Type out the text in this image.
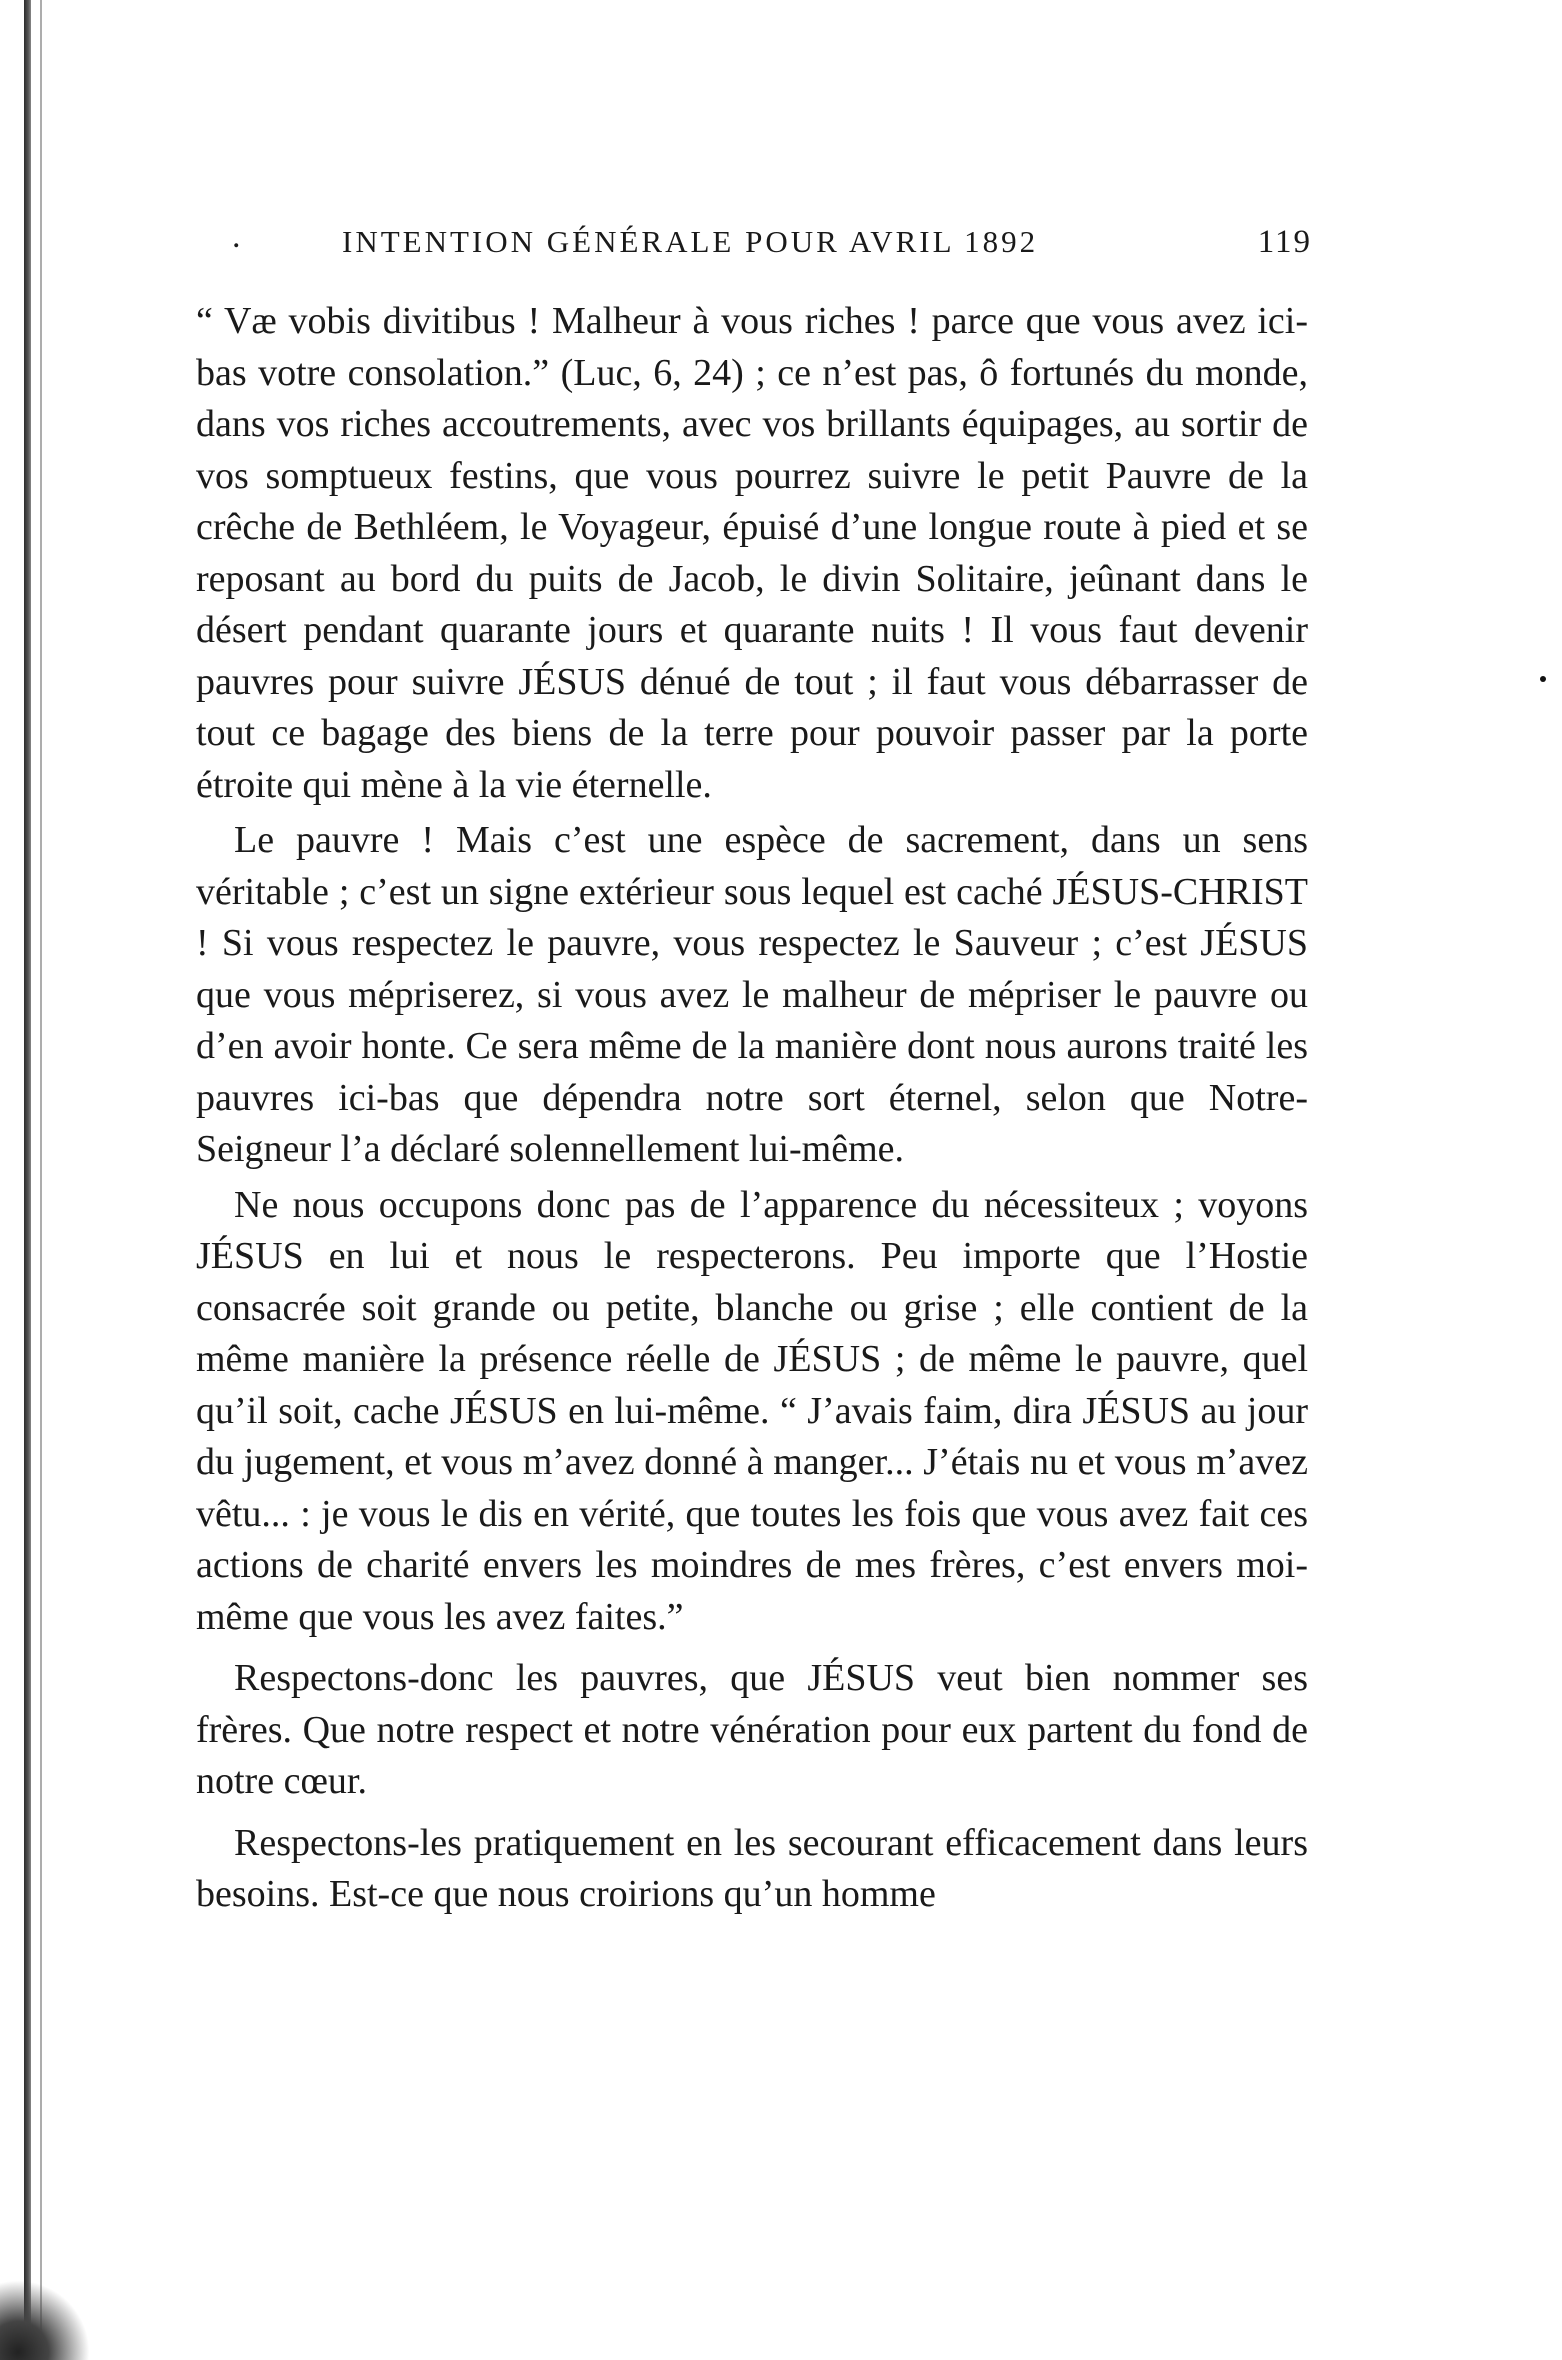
.	INTENTION GÉNÉRALE POUR AVRIL 1892	119

“ Væ vobis divitibus ! Malheur à vous riches ! parce que vous avez ici-bas votre consolation.” (Luc, 6, 24) ; ce n’est pas, ô fortunés du monde, dans vos riches accoutrements, avec vos brillants équipages, au sortir de vos somptueux festins, que vous pourrez suivre le petit Pauvre de la crêche de Bethléem, le Voyageur, épuisé d’une longue route à pied et se reposant au bord du puits de Jacob, le divin Solitaire, jeûnant dans le désert pendant quarante jours et quarante nuits ! Il vous faut devenir pauvres pour suivre JÉSUS dénué de tout ; il faut vous débarrasser de tout ce bagage des biens de la terre pour pouvoir passer par la porte étroite qui mène à la vie éternelle.

Le pauvre ! Mais c’est une espèce de sacrement, dans un sens véritable ; c’est un signe extérieur sous lequel est caché JÉSUS-CHRIST ! Si vous respectez le pauvre, vous respectez le Sauveur ; c’est JÉSUS que vous mépriserez, si vous avez le malheur de mépriser le pauvre ou d’en avoir honte. Ce sera même de la manière dont nous aurons traité les pauvres ici-bas que dépendra notre sort éternel, selon que Notre-Seigneur l’a déclaré solennellement lui-même.

Ne nous occupons donc pas de l’apparence du nécessiteux ; voyons JÉSUS en lui et nous le respecterons. Peu importe que l’Hostie consacrée soit grande ou petite, blanche ou grise ; elle contient de la même manière la présence réelle de JÉSUS ; de même le pauvre, quel qu’il soit, cache JÉSUS en lui-même. “ J’avais faim, dira JÉSUS au jour du jugement, et vous m’avez donné à manger... J’étais nu et vous m’avez vêtu... : je vous le dis en vérité, que toutes les fois que vous avez fait ces actions de charité envers les moindres de mes frères, c’est envers moi-même que vous les avez faites.”

Respectons-donc les pauvres, que JÉSUS veut bien nommer ses frères. Que notre respect et notre vénération pour eux partent du fond de notre cœur.

Respectons-les pratiquement en les secourant efficacement dans leurs besoins. Est-ce que nous croirions qu’un homme
